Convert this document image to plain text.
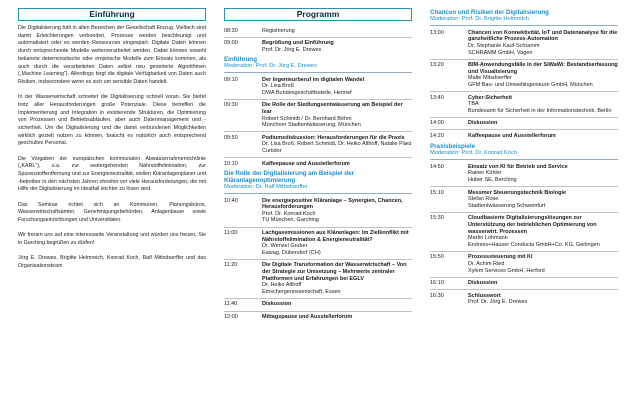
Einführung

Die Digitalisierung hält in allen Bereichen der Gesellschaft Einzug. Vielfach sind damit Erleichterungen verbunden, Prozesse werden beschleunigt und automatisiert oder es werden Ressourcen eingespart. Digitale Daten können durch entsprechende Modelle weiterverarbeitet werden. Dabei können sowohl bekannte deterministische oder empirische Modelle zum Einsatz kommen, als auch durch die verarbeiteten Daten selbst neu generierte Algorithmen („Machine Learning“). Allerdings birgt die digitale Verfügbarkeit von Daten auch Risiken, insbesondere wenn es sich um sensible Daten handelt.

In der Wasserwirtschaft schreitet die Digitalisierung schnell voran. Sie bietet trotz aller Herausforderungen große Potenziale. Diese betreffen die Implementierung und Integration in existierende Strukturen, die Optimierung von Prozessen und Betriebsabläufen, aber auch Datenmanagement und -sicherheit. Um die Digitalisierung und die damit verbundenen Möglichkeiten wirklich gezielt nutzen zu können, braucht es natürlich auch entsprechend geschultes Personal.

Die Vorgaben der europäischen kommunalen Abwasserrahmenrichtlinie („KARL“), u.a. zur weitergehenden Nährstoffelimination, zur Spurenstoffentfernung und zur Energieneutralität, stellen Kläranlagenplaner und -betreiber in den nächsten Jahren ohnehin vor viele Herausforderungen, die mit Hilfe der Digitalisierung im Idealfall leichter zu lösen sind.

Das Seminar richtet sich an Kommunen, Planungsbüros, Wasserwirtschaftsämter, Genehmigungsbehörden, Anlagenbauer sowie Forschungseinrichtungen und Universitäten.

Wir freuen uns auf eine interessante Veranstaltung und würden uns freuen, Sie in Garching begrüßen zu dürfen!

Jörg E. Drewes, Brigitte Helmreich, Konrad Koch, Ralf Mittsdoerffer und das Organisationsteam

Programm
08:30	Registrierung
09:00	Begrüßung und Einführung
Prof. Dr. Jörg E. Drewes
Einführung
Moderation: Prof. Dr. Jörg E. Drewes
09:10	Der Ingenieurberuf im digitalen Wandel
Dr. Lisa Broß
DWA Bundesgeschäftsstelle, Hennef
09:30	Die Rolle der Siedlungsentwässerung am Beispiel der Isar
Robert Schmidt / Dr. Bernhard Böhm
Münchner Stadtentwässerung, München
09:50	Podiumsdiskussion: Herausforderungen für die Praxis
Dr. Lisa Broß, Robert Schmidt, Dr. Heiko Althoff, Natalie Páez Curtidor
10:10	Kaffeepause und Ausstellerforum
Die Rolle der Digitalisierung am Beispiel der Kläranlagenoptimierung
Moderation: Dr. Ralf Mittsdoerffer
10:40	Die energiepositive Kläranlage – Synergien, Chancen, Herausforderungen
Prof. Dr. Konrad Koch
TU München, Garching
11:00	Lachgasemissionen aus Kläranlagen: Im Zielkonflikt mit Nährstoffelimination & Energieneutralität?
Dr. Wenzel Gruber
Eawag, Dübendorf (CH)
11:20	Die Digitale Transformation der Wasserwirtschaft – Von der Strategie zur Umsetzung – Mehrwerte zentraler Plattformen und Erfahrungen bei EGLV
Dr. Heiko Althoff
Emschergenossenschaft, Essen
11:40	Diskussion
12:00	Mittagspause und Ausstellerforum
Chancen und Risiken der Digitalisierung
Moderation: Prof. Dr. Brigitte Helmreich
13:00	Chancen von Konnektivität, IoT und Datenanalyse für die ganzheitliche Prozess-Automation
Dr. Stephanie Kauf-Schramm
SCHRAMM GmbH, Vagen
13:20	BIM-Anwendungsfälle in der SiWaWi: Bestandserfassung und Visualisierung
Malte Mitsdoerffer
GFM Bau- und Umweltingenieure GmbH, München
13:40	Cyber-Sicherheit
TBA
Bundesamt für Sicherheit in der Informationstechnik, Berlin
14:00	Diskussion
14:20	Kaffeepause und Ausstellerforum
Praxisbeispiele
Moderation: Prof. Dr. Konrad Koch
14:50	Einsatz von KI für Betrieb und Service
Rainer Köhler
Huber SE, Berching
15:10	Messmer Steuerungstechnik Biologie
Stefan Rose
Stadtentwässerung Schweinfurt
15:30	Cloudbasierte Digitalisierungslösungen zur Unterstützung der betrieblichen Optimierung von wasserwirt. Prozessen
Martin Lohmann
Endress+Hauser Conducta GmbH+Co. KG, Gerlingen
15:50	Prozesssteuerung mit KI
Dr. Achim Ried
Xylem Services GmbH, Herford
16:10	Diskussion
16:30	Schlusswort
Prof. Dr. Jörg E. Drewes
